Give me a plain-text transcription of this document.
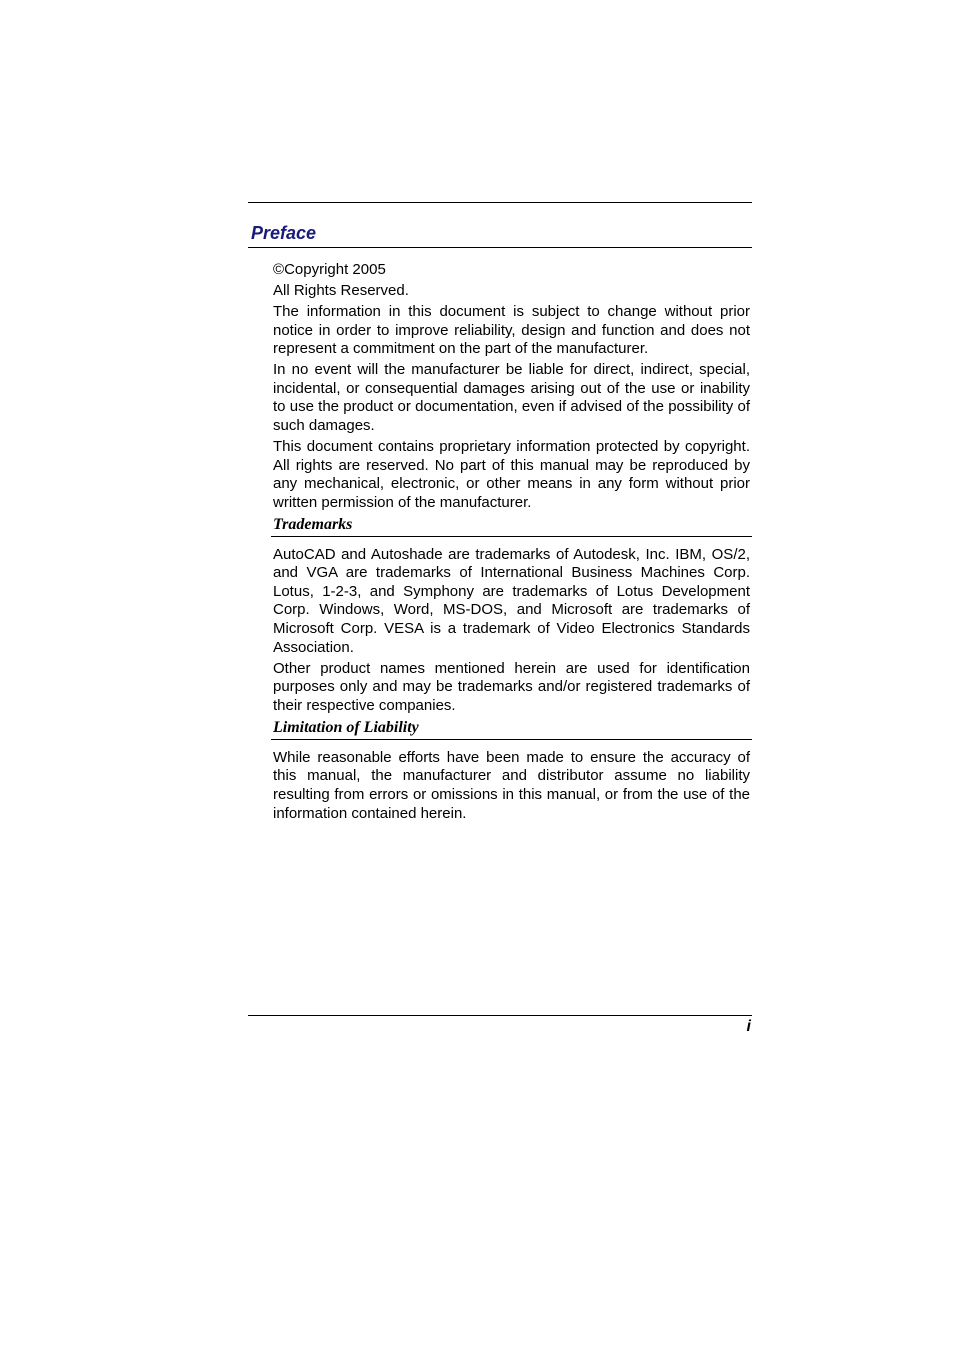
Preface

©Copyright 2005

All Rights Reserved.

The information in this document is subject to change without prior notice in order to improve reliability, design and function and does not represent a commitment on the part of the manufacturer.

In no event will the manufacturer be liable for direct, indirect, special, incidental, or consequential damages arising out of the use or inability to use the product or documentation, even if advised of the possibility of such damages.

This document contains proprietary information protected by copyright. All rights are reserved. No part of this manual may be reproduced by any mechanical, electronic, or other means in any form without prior written permission of the manufacturer.

Trademarks

AutoCAD and Autoshade are trademarks of Autodesk, Inc. IBM, OS/2, and VGA are trademarks of International Business Machines Corp. Lotus, 1-2-3, and Symphony are trademarks of Lotus Development Corp. Windows, Word, MS-DOS, and Microsoft are trademarks of Microsoft Corp. VESA is a trademark of Video Electronics Standards Association.

Other product names mentioned herein are used for identification purposes only and may be trademarks and/or registered trademarks of their respective companies.

Limitation of Liability

While reasonable efforts have been made to ensure the accuracy of this manual, the manufacturer and distributor assume no liability resulting from errors or omissions in this manual, or from the use of the information contained herein.

i
